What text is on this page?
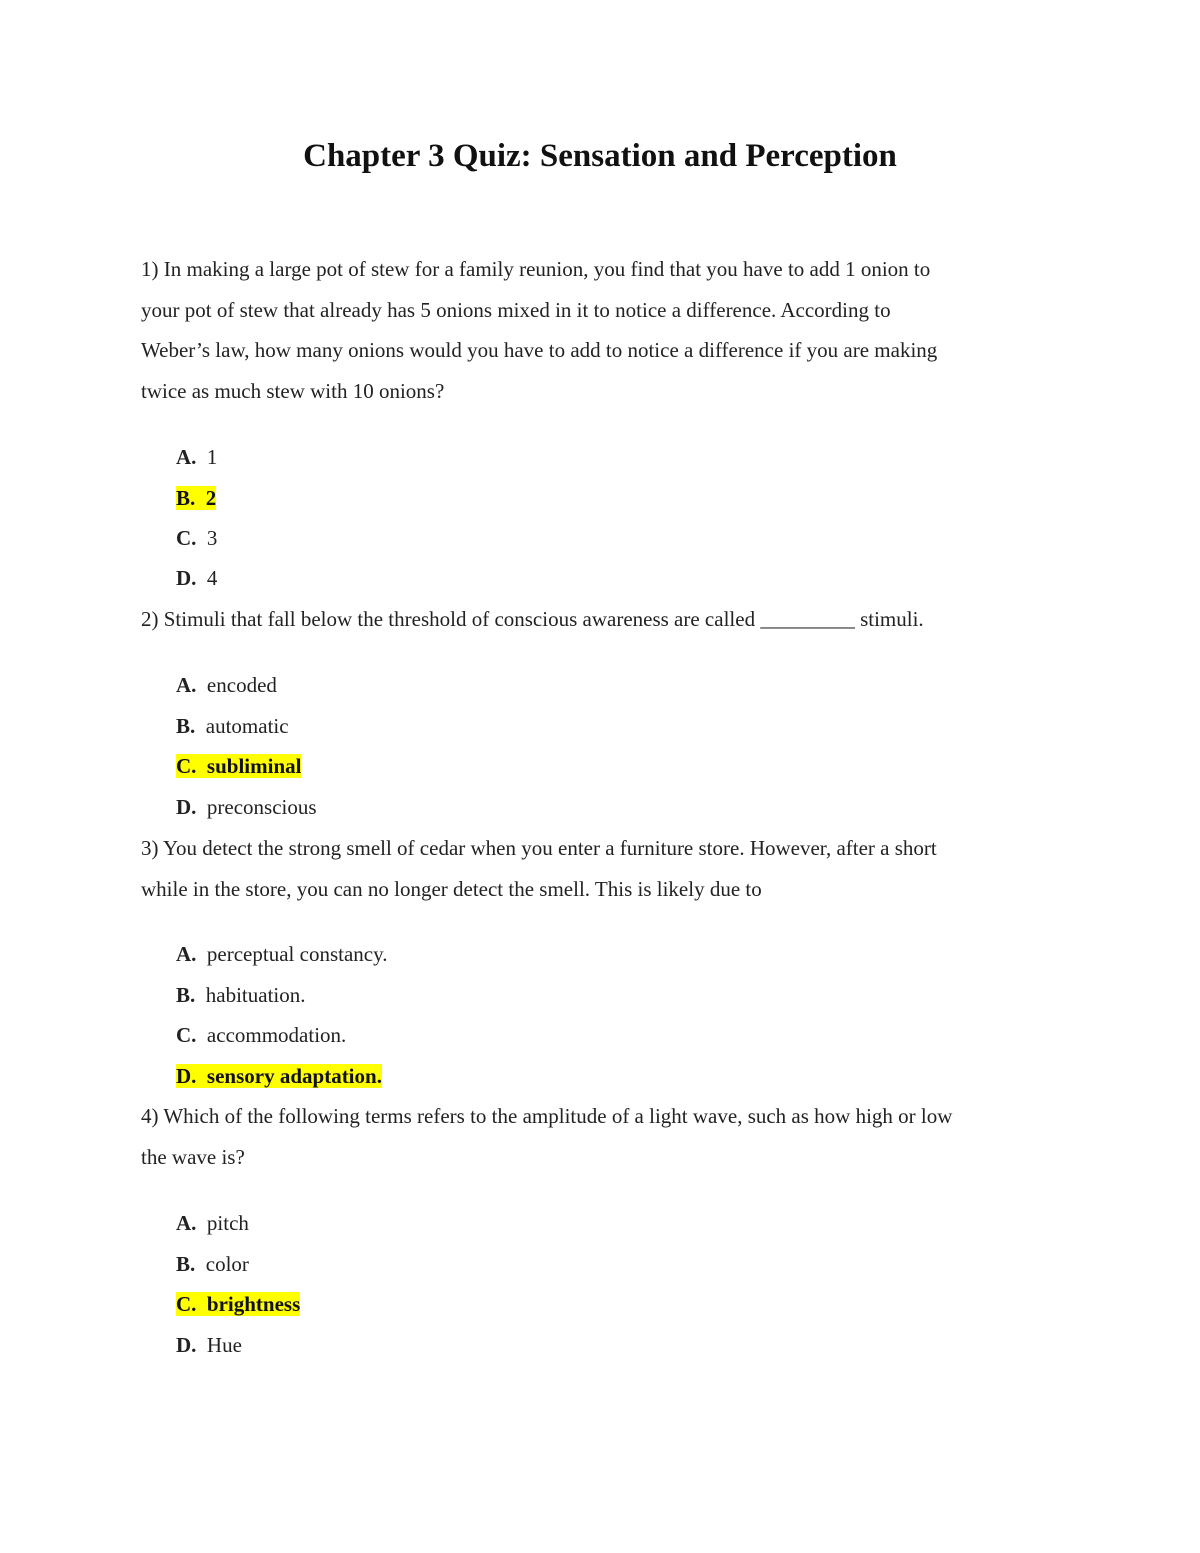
Chapter 3 Quiz: Sensation and Perception
1) In making a large pot of stew for a family reunion, you find that you have to add 1 onion to
your pot of stew that already has 5 onions mixed in it to notice a difference. According to
Weber’s law, how many onions would you have to add to notice a difference if you are making
twice as much stew with 10 onions?
A. 1
B. 2
C. 3
D. 4
2) Stimuli that fall below the threshold of conscious awareness are called _________ stimuli.
A. encoded
B. automatic
C. subliminal
D. preconscious
3) You detect the strong smell of cedar when you enter a furniture store. However, after a short
while in the store, you can no longer detect the smell. This is likely due to
A. perceptual constancy.
B. habituation.
C. accommodation.
D. sensory adaptation.
4) Which of the following terms refers to the amplitude of a light wave, such as how high or low
the wave is?
A. pitch
B. color
C. brightness
D. Hue
